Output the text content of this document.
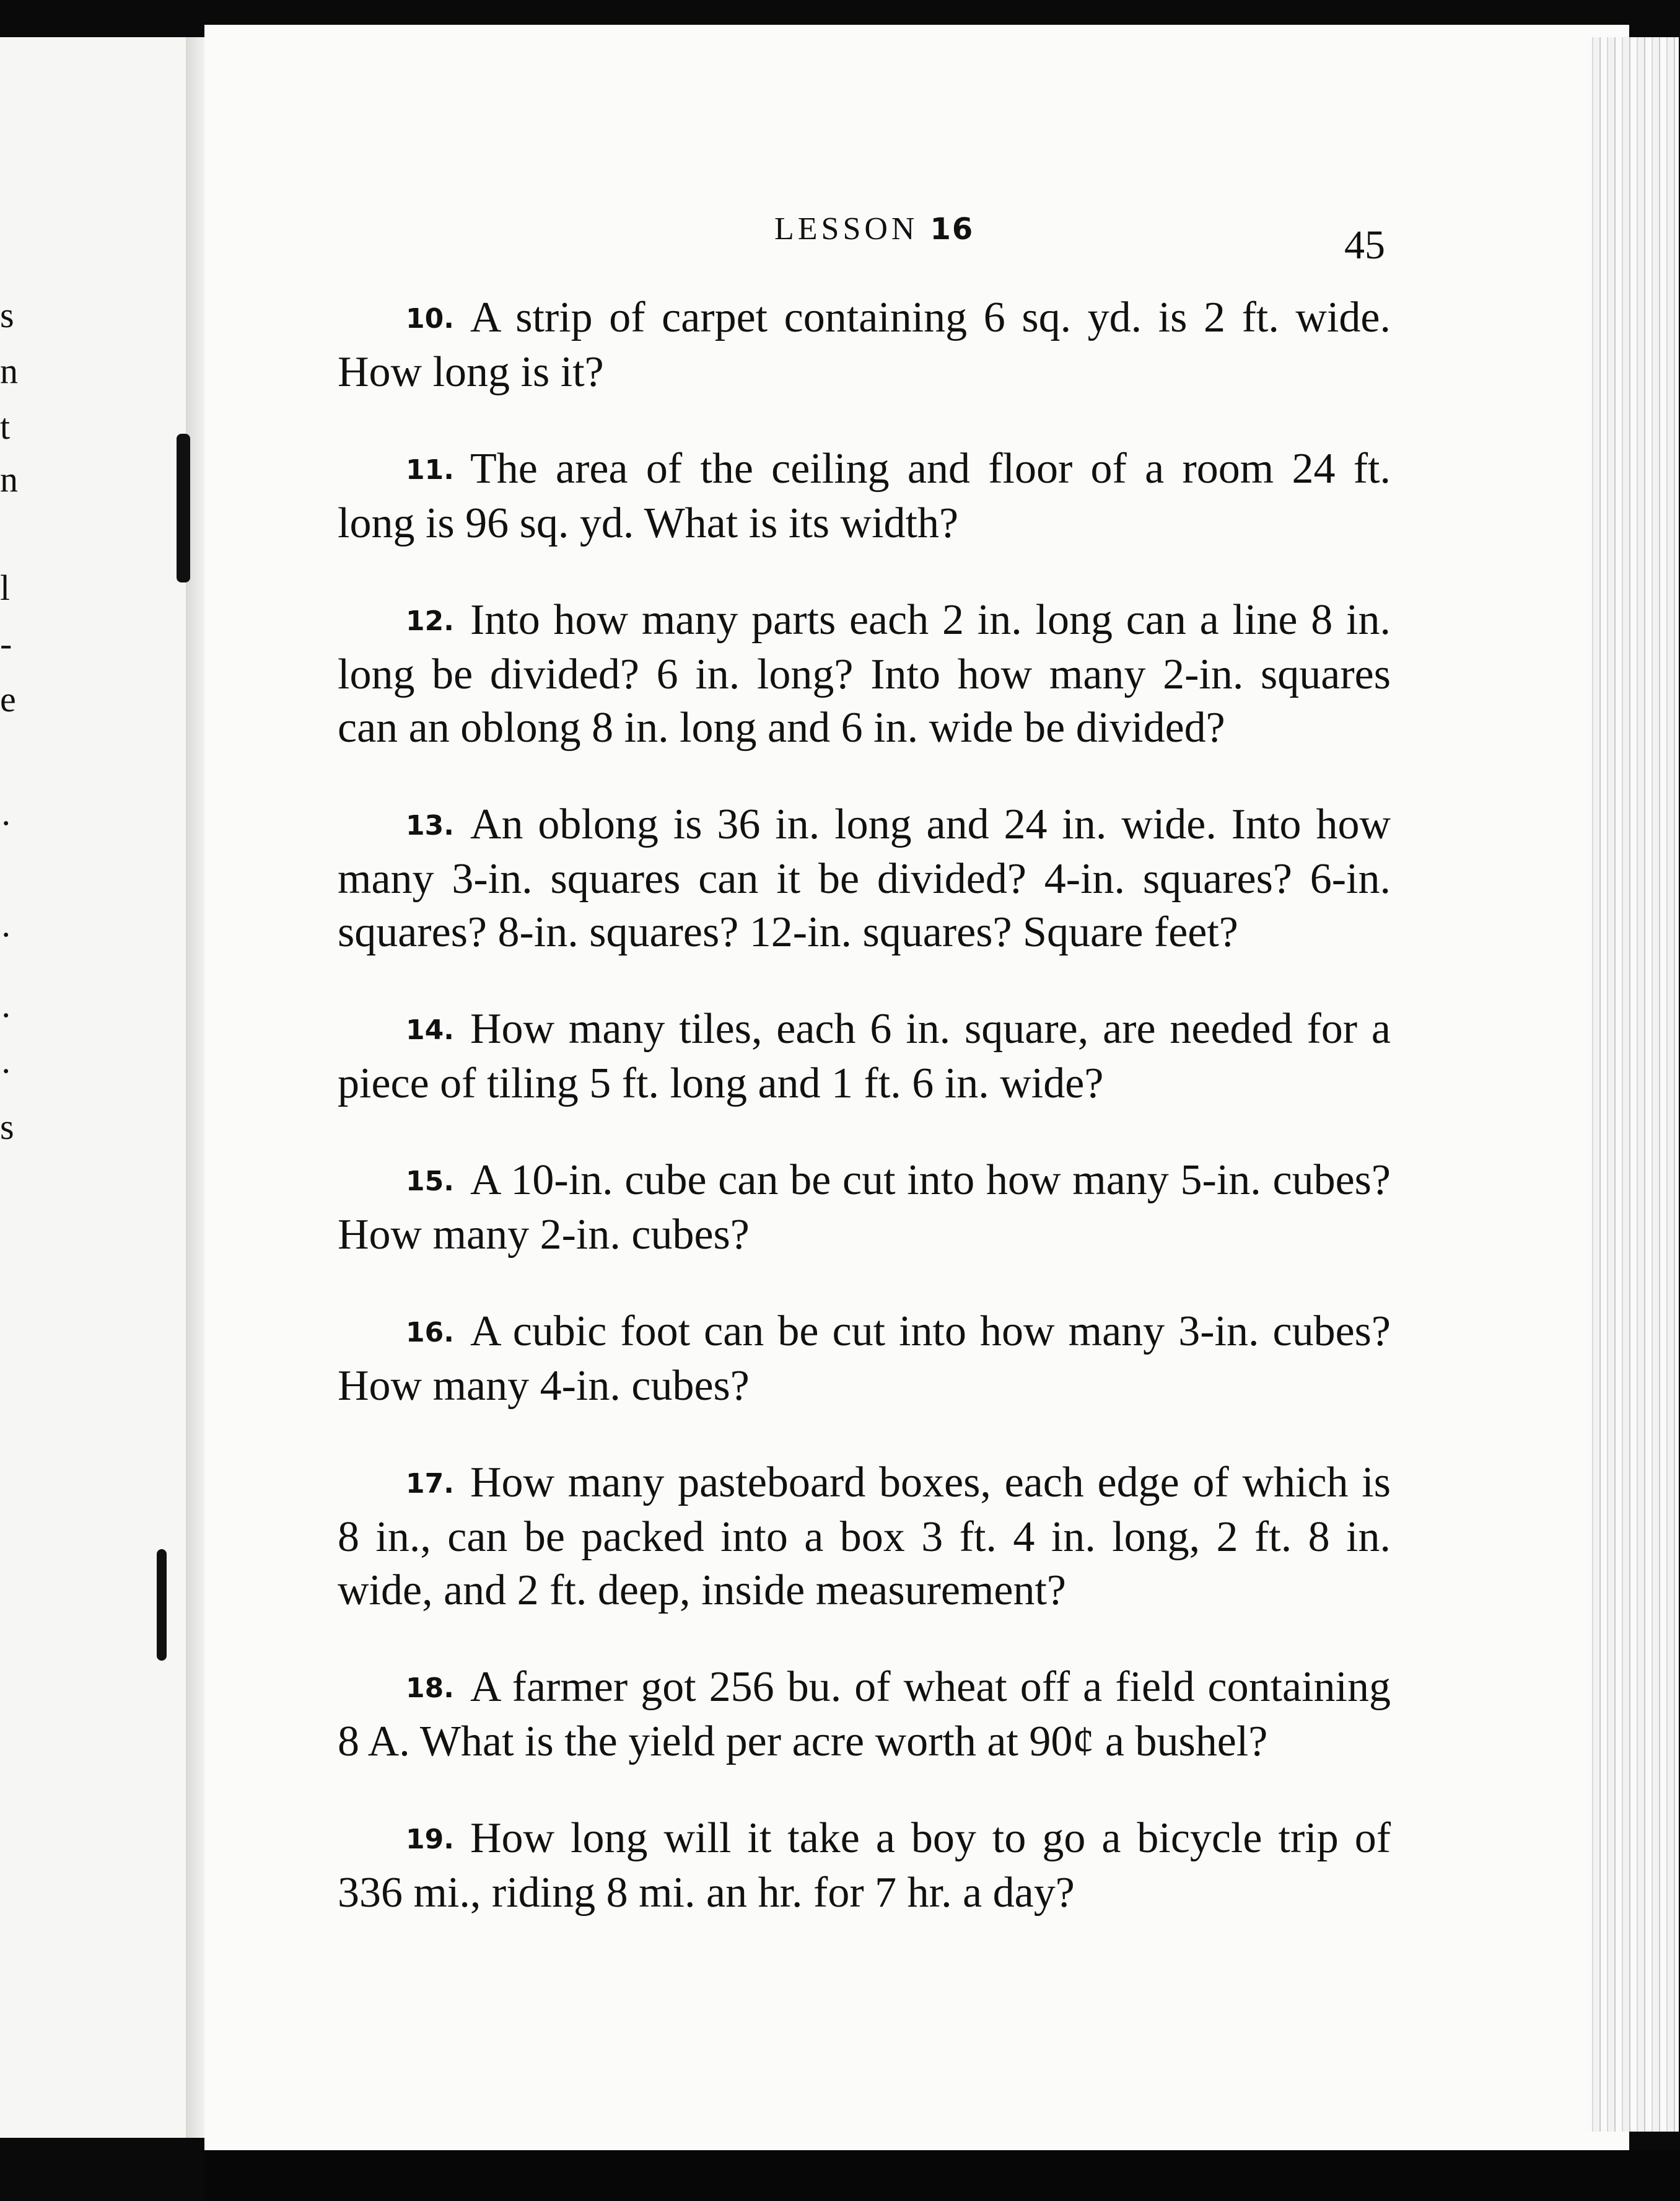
s
n
t
n
l
-
e
·
·
·
·
s
LESSON 16	45

10. A strip of carpet containing 6 sq. yd. is 2 ft. wide. How long is it?

11. The area of the ceiling and floor of a room 24 ft. long is 96 sq. yd. What is its width?

12. Into how many parts each 2 in. long can a line 8 in. long be divided? 6 in. long? Into how many 2-in. squares can an oblong 8 in. long and 6 in. wide be divided?

13. An oblong is 36 in. long and 24 in. wide. Into how many 3-in. squares can it be divided? 4-in. squares? 6-in. squares? 8-in. squares? 12-in. squares? Square feet?

14. How many tiles, each 6 in. square, are needed for a piece of tiling 5 ft. long and 1 ft. 6 in. wide?

15. A 10-in. cube can be cut into how many 5-in. cubes? How many 2-in. cubes?

16. A cubic foot can be cut into how many 3-in. cubes? How many 4-in. cubes?

17. How many pasteboard boxes, each edge of which is 8 in., can be packed into a box 3 ft. 4 in. long, 2 ft. 8 in. wide, and 2 ft. deep, inside measurement?

18. A farmer got 256 bu. of wheat off a field containing 8 A. What is the yield per acre worth at 90¢ a bushel?

19. How long will it take a boy to go a bicycle trip of 336 mi., riding 8 mi. an hr. for 7 hr. a day?
